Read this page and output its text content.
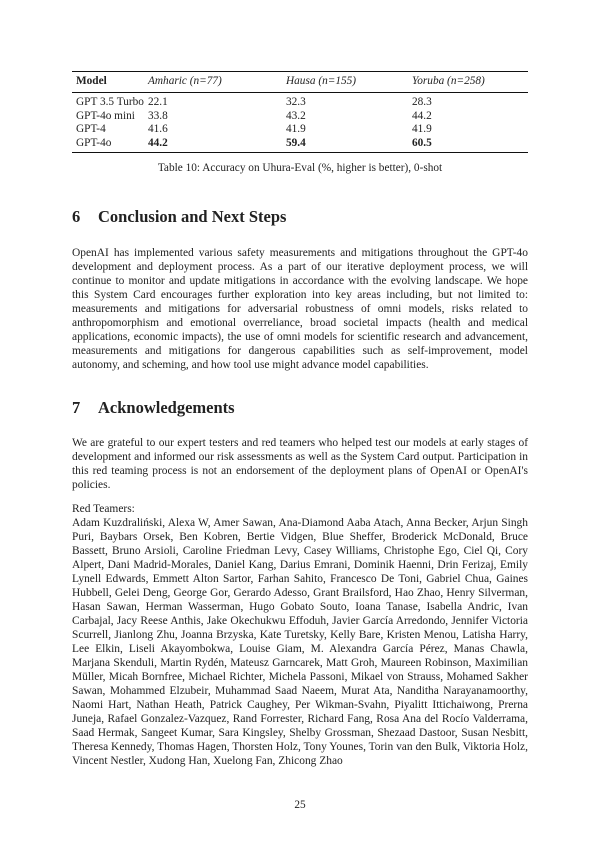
Model	Amharic (n=77)	Hausa (n=155)	Yoruba (n=258)
GPT 3.5 Turbo 22.1	32.3	28.3
GPT-4o mini 33.8	43.2	44.2
GPT-4	41.6	41.9	41.9
GPT-4o	44.2	59.4	60.5
Table 10: Accuracy on Uhura-Eval (%, higher is better), 0-shot
6 Conclusion and Next Steps
OpenAI has implemented various safety measurements and mitigations throughout the GPT-4o development and deployment process. As a part of our iterative deployment process, we will continue to monitor and update mitigations in accordance with the evolving landscape. We hope this System Card encourages further exploration into key areas including, but not limited to: measurements and mitigations for adversarial robustness of omni models, risks related to anthropomorphism and emotional overreliance, broad societal impacts (health and medical applications, economic impacts), the use of omni models for scientific research and advancement, measurements and mitigations for dangerous capabilities such as self-improvement, model autonomy, and scheming, and how tool use might advance model capabilities.
7 Acknowledgements
We are grateful to our expert testers and red teamers who helped test our models at early stages of development and informed our risk assessments as well as the System Card output. Participation in this red teaming process is not an endorsement of the deployment plans of OpenAI or OpenAI's policies.
Red Teamers:
Adam Kuzdraliński, Alexa W, Amer Sawan, Ana-Diamond Aaba Atach, Anna Becker, Arjun Singh Puri, Baybars Orsek, Ben Kobren, Bertie Vidgen, Blue Sheffer, Broderick McDonald, Bruce Bassett, Bruno Arsioli, Caroline Friedman Levy, Casey Williams, Christophe Ego, Ciel Qi, Cory Alpert, Dani Madrid-Morales, Daniel Kang, Darius Emrani, Dominik Haenni, Drin Ferizaj, Emily Lynell Edwards, Emmett Alton Sartor, Farhan Sahito, Francesco De Toni, Gabriel Chua, Gaines Hubbell, Gelei Deng, George Gor, Gerardo Adesso, Grant Brailsford, Hao Zhao, Henry Silverman, Hasan Sawan, Herman Wasserman, Hugo Gobato Souto, Ioana Tanase, Isabella Andric, Ivan Carbajal, Jacy Reese Anthis, Jake Okechukwu Effoduh, Javier García Arredondo, Jennifer Victoria Scurrell, Jianlong Zhu, Joanna Brzyska, Kate Turetsky, Kelly Bare, Kristen Menou, Latisha Harry, Lee Elkin, Liseli Akayombokwa, Louise Giam, M. Alexandra García Pérez, Manas Chawla, Marjana Skenduli, Martin Rydén, Mateusz Garncarek, Matt Groh, Maureen Robinson, Maximilian Müller, Micah Bornfree, Michael Richter, Michela Passoni, Mikael von Strauss, Mohamed Sakher Sawan, Mohammed Elzubeir, Muhammad Saad Naeem, Murat Ata, Nanditha Narayanamoorthy, Naomi Hart, Nathan Heath, Patrick Caughey, Per Wikman-Svahn, Piyalitt Ittichaiwong, Prerna Juneja, Rafael Gonzalez-Vazquez, Rand Forrester, Richard Fang, Rosa Ana del Rocío Valderrama, Saad Hermak, Sangeet Kumar, Sara Kingsley, Shelby Grossman, Shezaad Dastoor, Susan Nesbitt, Theresa Kennedy, Thomas Hagen, Thorsten Holz, Tony Younes, Torin van den Bulk, Viktoria Holz, Vincent Nestler, Xudong Han, Xuelong Fan, Zhicong Zhao
25
